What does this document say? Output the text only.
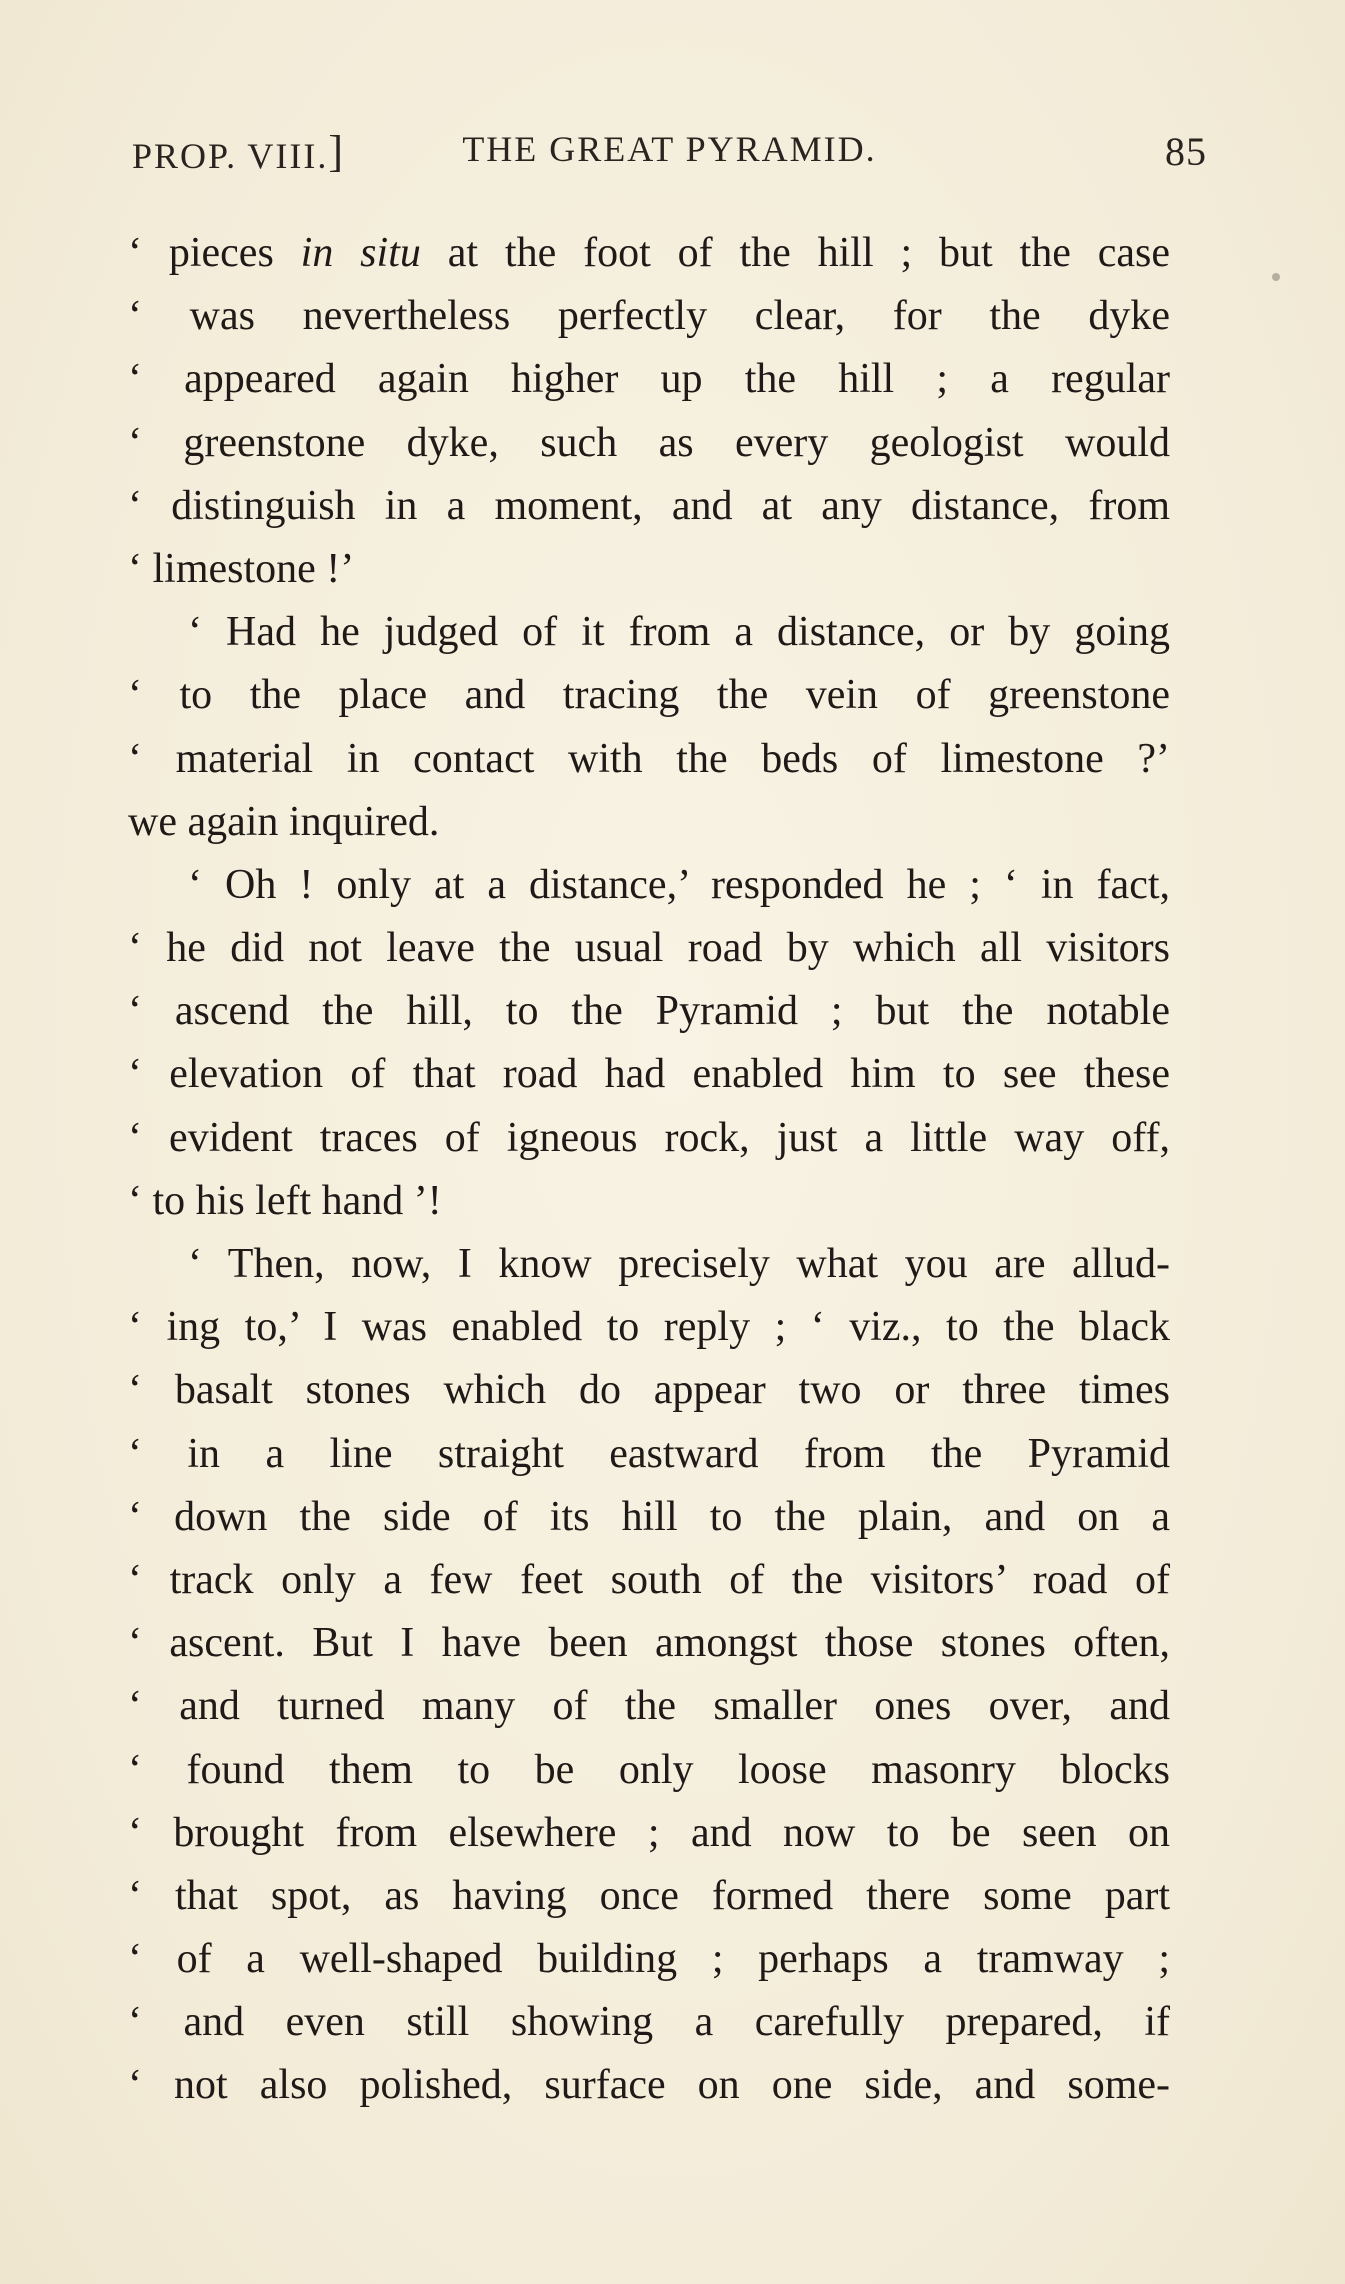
PROP. VIII.]	THE GREAT PYRAMID.	85
‘ pieces in situ at the foot of the hill ; but the case
‘ was nevertheless perfectly clear, for the dyke
‘ appeared again higher up the hill ; a regular
‘ greenstone dyke, such as every geologist would
‘ distinguish in a moment, and at any distance, from
‘ limestone !’
‘ Had he judged of it from a distance, or by going
‘ to the place and tracing the vein of greenstone
‘ material in contact with the beds of limestone ?’
we again inquired.
‘ Oh ! only at a distance,’ responded he ; ‘ in fact,
‘ he did not leave the usual road by which all visitors
‘ ascend the hill, to the Pyramid ; but the notable
‘ elevation of that road had enabled him to see these
‘ evident traces of igneous rock, just a little way off,
‘ to his left hand ’!
‘ Then, now, I know precisely what you are allud-
‘ ing to,’ I was enabled to reply ; ‘ viz., to the black
‘ basalt stones which do appear two or three times
‘ in a line straight eastward from the Pyramid
‘ down the side of its hill to the plain, and on a
‘ track only a few feet south of the visitors’ road of
‘ ascent. But I have been amongst those stones often,
‘ and turned many of the smaller ones over, and
‘ found them to be only loose masonry blocks
‘ brought from elsewhere ; and now to be seen on
‘ that spot, as having once formed there some part
‘ of a well-shaped building ; perhaps a tramway ;
‘ and even still showing a carefully prepared, if
‘ not also polished, surface on one side, and some-
